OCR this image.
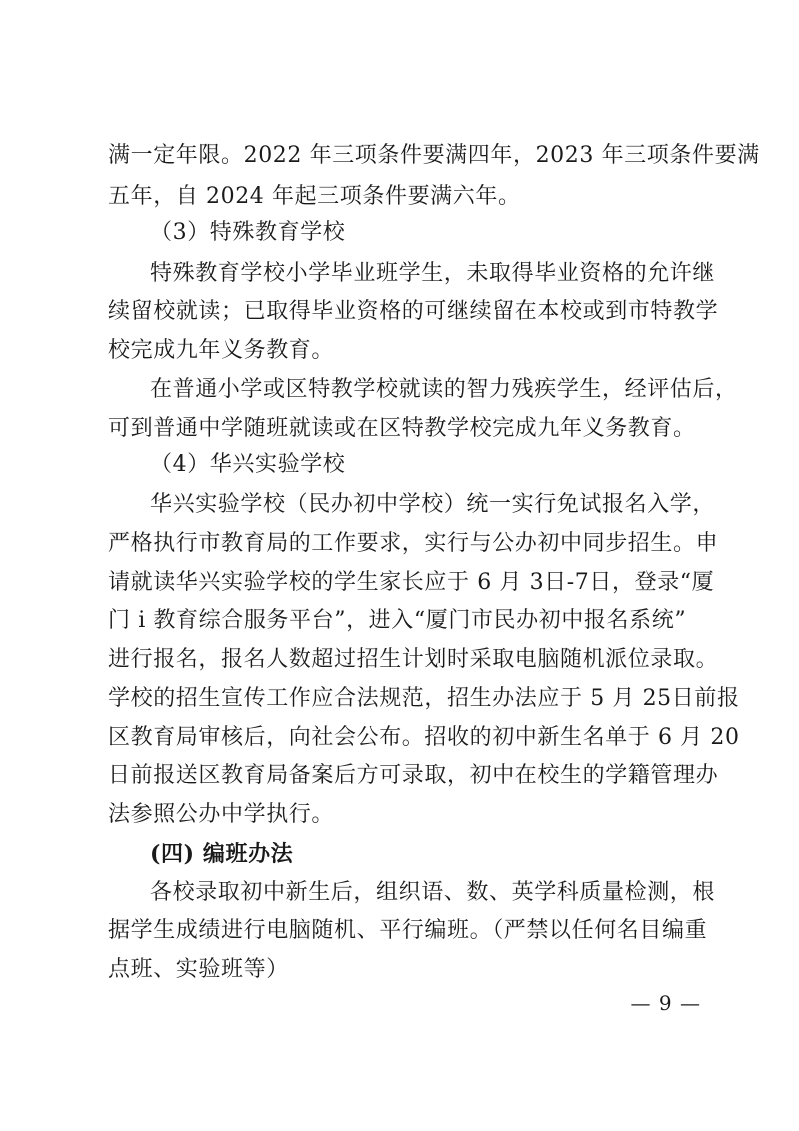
满一定年限。2022 年三项条件要满四年，2023 年三项条件要满
五年，自 2024 年起三项条件要满六年。
（3）特殊教育学校
特殊教育学校小学毕业班学生，未取得毕业资格的允许继
续留校就读；已取得毕业资格的可继续留在本校或到市特教学
校完成九年义务教育。
在普通小学或区特教学校就读的智力残疾学生，经评估后，
可到普通中学随班就读或在区特教学校完成九年义务教育。
（4）华兴实验学校
华兴实验学校（民办初中学校）统一实行免试报名入学，
严格执行市教育局的工作要求，实行与公办初中同步招生。申
请就读华兴实验学校的学生家长应于 6 月 3日-7日，登录“厦
门 i 教育综合服务平台”，进入“厦门市民办初中报名系统”
进行报名，报名人数超过招生计划时采取电脑随机派位录取。
学校的招生宣传工作应合法规范，招生办法应于 5 月 25日前报
区教育局审核后，向社会公布。招收的初中新生名单于 6 月 20
日前报送区教育局备案后方可录取，初中在校生的学籍管理办
法参照公办中学执行。
(四) 编班办法
各校录取初中新生后，组织语、数、英学科质量检测，根
据学生成绩进行电脑随机、平行编班。（严禁以任何名目编重
点班、实验班等）
— 9 —
